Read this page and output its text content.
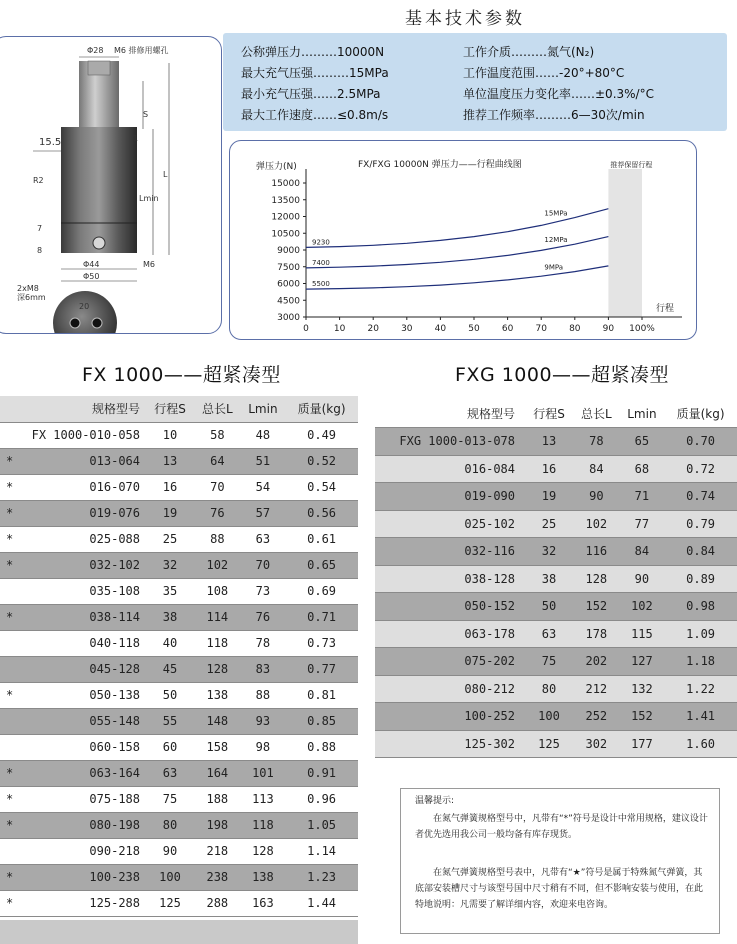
基本技术参数
Φ28 M6 排修用螺孔
15.5
S
1
R2
L
Lmin
7
8
M6
Φ44
Φ50
2xM8
深6mm
20
公称弹压力………10000N	工作介质………氮气(N₂)
最大充气压强………15MPa	工作温度范围……-20°+80°C
最小充气压强……2.5MPa	单位温度压力变化率……±0.3%/°C
最大工作速度……≤0.8m/s	推荐工作频率………6—30次/min
推荐保留行程
FX/FXG 10000N 弹压力——行程曲线图
弹压力(N)
行程
15000
13500
12000
10500
9000
7500
6000
4500
3000
0	10 20 30 40 50 60 70 80 90 100%
15MPa
9230	12MPa
7400
9MPa
5500
FX 1000——超紧凑型	FXG 1000——超紧凑型
	规格型号	行程S	总长L	Lmin	质量(kg)
	FX 1000-010-058	10	58	48	0.49
*	013-064	13	64	51	0.52
*	016-070	16	70	54	0.54
*	019-076	19	76	57	0.56
*	025-088	25	88	63	0.61
*	032-102	32	102	70	0.65
	035-108	35	108	73	0.69
*	038-114	38	114	76	0.71
	040-118	40	118	78	0.73
	045-128	45	128	83	0.77
*	050-138	50	138	88	0.81
	055-148	55	148	93	0.85
	060-158	60	158	98	0.88
*	063-164	63	164	101	0.91
*	075-188	75	188	113	0.96
*	080-198	80	198	118	1.05
	090-218	90	218	128	1.14
*	100-238	100	238	138	1.23
*	125-288	125	288	163	1.44
规格型号	行程S	总长L	Lmin	质量(kg)
FXG 1000-013-078	13	78	65	0.70
016-084	16	84	68	0.72
019-090	19	90	71	0.74
025-102	25	102	77	0.79
032-116	32	116	84	0.84
038-128	38	128	90	0.89
050-152	50	152	102	0.98
063-178	63	178	115	1.09
075-202	75	202	127	1.18
080-212	80	212	132	1.22
100-252	100	252	152	1.41
125-302	125	302	177	1.60
温馨提示:
在氮气弹簧规格型号中，凡带有“*”符号是设计中常用规格，建议设计者优先选用我公司一般均备有库存现货。
在氮气弹簧规格型号表中，凡带有“★”符号是属于特殊氮气弹簧，其底部安装槽尺寸与该型号国中尺寸稍有不同，但不影响安装与使用，在此特地说明：凡需要了解详细内容，欢迎来电咨询。
